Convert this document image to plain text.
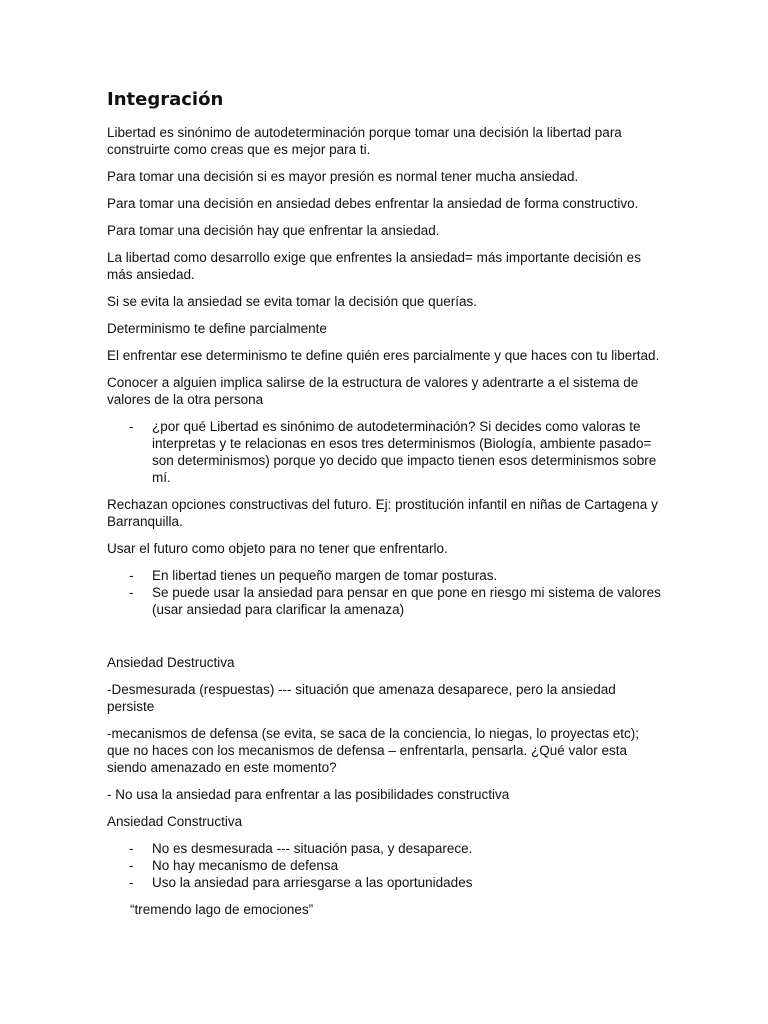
Integración

Libertad es sinónimo de autodeterminación porque tomar una decisión la libertad para construirte como creas que es mejor para ti.

Para tomar una decisión si es mayor presión es normal tener mucha ansiedad.

Para tomar una decisión en ansiedad debes enfrentar la ansiedad de forma constructivo.

Para tomar una decisión hay que enfrentar la ansiedad.

La libertad como desarrollo exige que enfrentes la ansiedad= más importante decisión es más ansiedad.

Si se evita la ansiedad se evita tomar la decisión que querías.

Determinismo te define parcialmente

El enfrentar ese determinismo te define quién eres parcialmente y que haces con tu libertad.

Conocer a alguien implica salirse de la estructura de valores y adentrarte a el sistema de valores de la otra persona

- ¿por qué Libertad es sinónimo de autodeterminación? Si decides como valoras te interpretas y te relacionas en esos tres determinismos (Biología, ambiente pasado= son determinismos) porque yo decido que impacto tienen esos determinismos sobre mí.

Rechazan opciones constructivas del futuro. Ej: prostitución infantil en niñas de Cartagena y Barranquilla.

Usar el futuro como objeto para no tener que enfrentarlo.

- En libertad tienes un pequeño margen de tomar posturas.
- Se puede usar la ansiedad para pensar en que pone en riesgo mi sistema de valores (usar ansiedad para clarificar la amenaza)

Ansiedad Destructiva

-Desmesurada (respuestas) --- situación que amenaza desaparece, pero la ansiedad persiste

-mecanismos de defensa (se evita, se saca de la conciencia, lo niegas, lo proyectas etc); que no haces con los mecanismos de defensa – enfrentarla, pensarla. ¿Qué valor esta siendo amenazado en este momento?

- No usa la ansiedad para enfrentar a las posibilidades constructiva

Ansiedad Constructiva

- No es desmesurada --- situación pasa, y desaparece.
- No hay mecanismo de defensa
- Uso la ansiedad para arriesgarse a las oportunidades

“tremendo lago de emociones”
